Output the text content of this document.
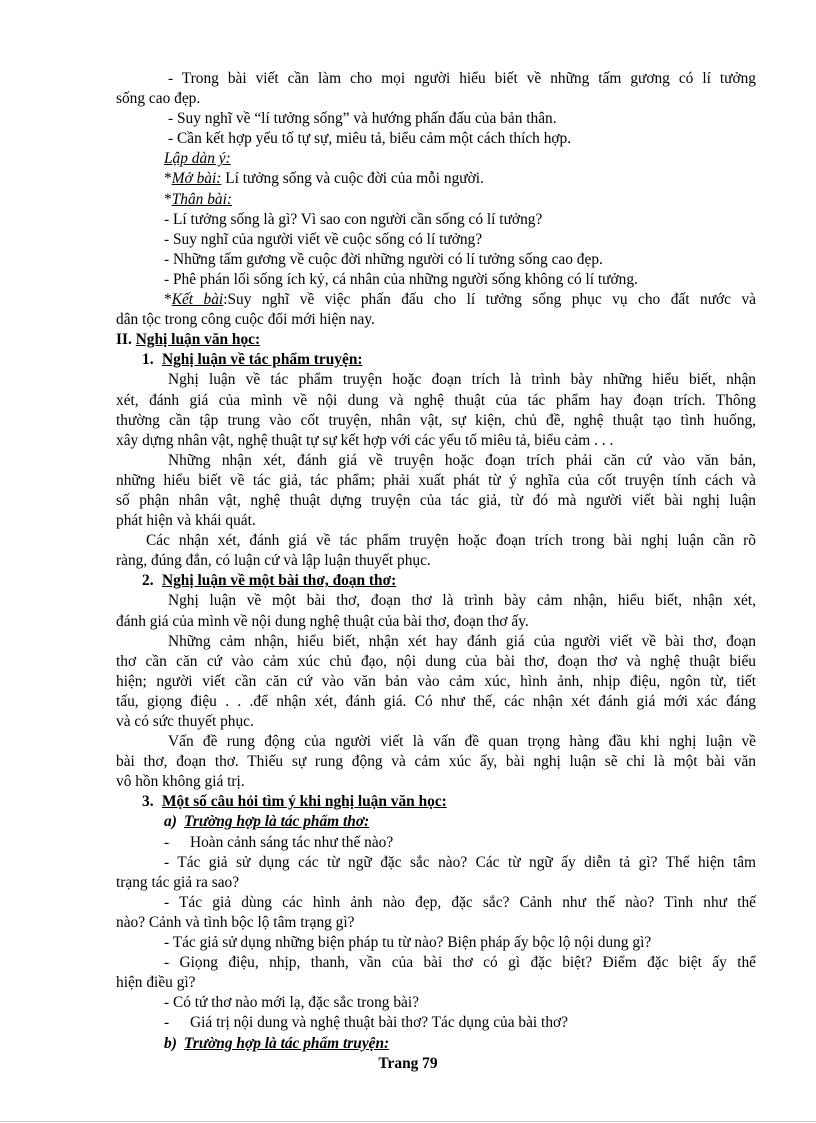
- Trong bài viết cần làm cho mọi người hiểu biết về những tấm gương có lí tưởng
sống cao đẹp.
- Suy nghĩ về “lí tưởng sống” và hướng phấn đấu của bản thân.
- Cần kết hợp yếu tố tự sự, miêu tả, biểu cảm một cách thích hợp.
Lập dàn ý:
*Mở bài: Lí tưởng sống và cuộc đời của mỗi người.
*Thân bài:
- Lí tưởng sống là gì? Vì sao con người cần sống có lí tưởng?
- Suy nghĩ của người viết về cuộc sống có lí tưởng?
- Những tấm gương về cuộc đời những người có lí tưởng sống cao đẹp.
- Phê phán lối sống ích kỷ, cá nhân của những người sống không có lí tưởng.
*Kết bài:Suy nghĩ về việc phấn đấu cho lí tưởng sống phục vụ cho đất nước và
dân tộc trong công cuộc đổi mới hiện nay.
II. Nghị luận văn học:
1. Nghị luận về tác phẩm truyện:
Nghị luận về tác phẩm truyện hoặc đoạn trích là trình bày những hiểu biết, nhận
xét, đánh giá của mình về nội dung và nghệ thuật của tác phẩm hay đoạn trích. Thông
thường cần tập trung vào cốt truyện, nhân vật, sự kiện, chủ đề, nghệ thuật tạo tình huống,
xây dựng nhân vật, nghệ thuật tự sự kết hợp với các yếu tố miêu tả, biểu cảm . . .
Những nhận xét, đánh giá về truyện hoặc đoạn trích phải căn cứ vào văn bản,
những hiểu biết về tác giả, tác phẩm; phải xuất phát từ ý nghĩa của cốt truyện tính cách và
số phận nhân vật, nghệ thuật dựng truyện của tác giả, từ đó mà người viết bài nghị luận
phát hiện và khái quát.
Các nhận xét, đánh giá về tác phẩm truyện hoặc đoạn trích trong bài nghị luận cần rõ
ràng, đúng đắn, có luận cứ và lập luận thuyết phục.
2. Nghị luận về một bài thơ, đoạn thơ:
Nghị luận về một bài thơ, đoạn thơ là trình bày cảm nhận, hiểu biết, nhận xét,
đánh giá của mình về nội dung nghệ thuật của bài thơ, đoạn thơ ấy.
Những cảm nhận, hiểu biết, nhận xét hay đánh giá của người viết về bài thơ, đoạn
thơ cần căn cứ vào cảm xúc chủ đạo, nội dung của bài thơ, đoạn thơ và nghệ thuật biểu
hiện; người viết cần căn cứ vào văn bản vào cảm xúc, hình ảnh, nhịp điệu, ngôn từ, tiết
tấu, giọng điệu . . .để nhận xét, đánh giá. Có như thế, các nhận xét đánh giá mới xác đáng
và có sức thuyết phục.
Vấn đề rung động của người viết là vấn đề quan trọng hàng đầu khi nghị luận về
bài thơ, đoạn thơ. Thiếu sự rung động và cảm xúc ấy, bài nghị luận sẽ chỉ là một bài văn
vô hồn không giá trị.
3. Một số câu hỏi tìm ý khi nghị luận văn học:
a) Trường hợp là tác phẩm thơ:
- Hoàn cảnh sáng tác như thế nào?
- Tác giả sử dụng các từ ngữ đặc sắc nào? Các từ ngữ ấy diễn tả gì? Thể hiện tâm
trạng tác giả ra sao?
- Tác giả dùng các hình ảnh nào đẹp, đặc sắc? Cảnh như thế nào? Tình như thế
nào? Cảnh và tình bộc lộ tâm trạng gì?
- Tác giả sử dụng những biện pháp tu từ nào? Biện pháp ấy bộc lộ nội dung gì?
- Giọng điệu, nhịp, thanh, vần của bài thơ có gì đặc biệt? Điểm đặc biệt ấy thể
hiện điều gì?
- Có tứ thơ nào mới lạ, đặc sắc trong bài?
- Giá trị nội dung và nghệ thuật bài thơ? Tác dụng của bài thơ?
b) Trường hợp là tác phẩm truyện:
Trang 79
